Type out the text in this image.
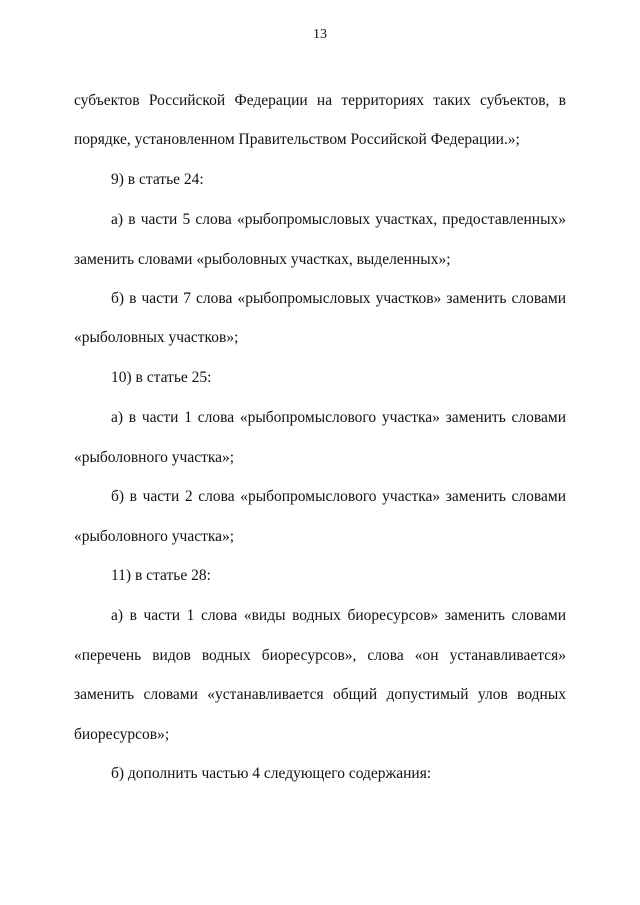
13
субъектов Российской Федерации на территориях таких субъектов, в
порядке, установленном Правительством Российской Федерации.»;
9) в статье 24:
а) в части 5 слова «рыбопромысловых участках, предоставленных»
заменить словами «рыболовных участках, выделенных»;
б) в части 7 слова «рыбопромысловых участков» заменить словами
«рыболовных участков»;
10) в статье 25:
а) в части 1 слова «рыбопромыслового участка» заменить словами
«рыболовного участка»;
б) в части 2 слова «рыбопромыслового участка» заменить словами
«рыболовного участка»;
11) в статье 28:
а) в части 1 слова «виды водных биоресурсов» заменить словами
«перечень видов водных биоресурсов», слова «он устанавливается»
заменить словами «устанавливается общий допустимый улов водных
биоресурсов»;
б) дополнить частью 4 следующего содержания:
